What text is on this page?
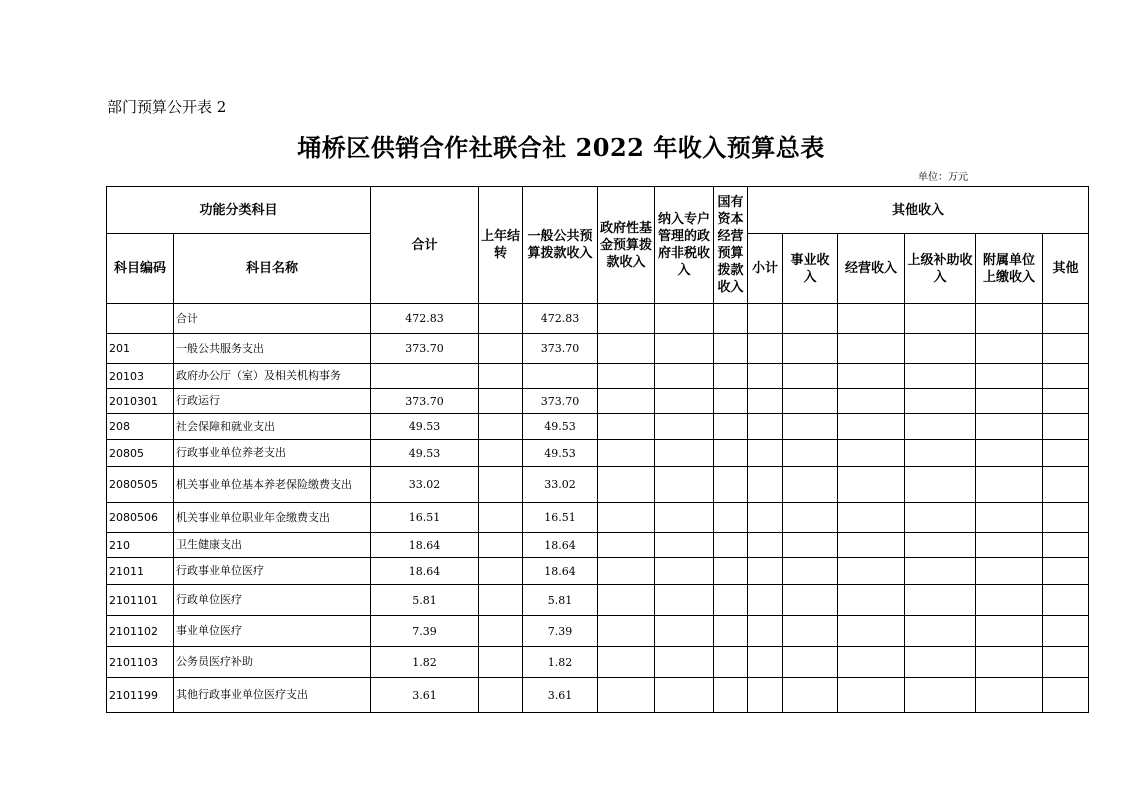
部门预算公开表 2
埇桥区供销合作社联合社 2022 年收入预算总表
单位：万元
功能分类科目		合计	上年结转	一般公共预算拨款收入	政府性基金预算拨款收入	纳入专户管理的政府非税收入	国有资本经营预算拨款收入	其他收入					
科目编码	科目名称							小计	事业收入	经营收入	上级补助收入	附属单位上缴收入	其他
	合计	472.83		472.83									
201	一般公共服务支出	373.70		373.70									
20103	政府办公厅（室）及相关机构事务												
2010301	行政运行	373.70		373.70									
208	社会保障和就业支出	49.53		49.53									
20805	行政事业单位养老支出	49.53		49.53									
2080505	机关事业单位基本养老保险缴费支出	33.02		33.02									
2080506	机关事业单位职业年金缴费支出	16.51		16.51									
210	卫生健康支出	18.64		18.64									
21011	行政事业单位医疗	18.64		18.64									
2101101	行政单位医疗	5.81		5.81									
2101102	事业单位医疗	7.39		7.39									
2101103	公务员医疗补助	1.82		1.82									
2101199	其他行政事业单位医疗支出	3.61		3.61									
